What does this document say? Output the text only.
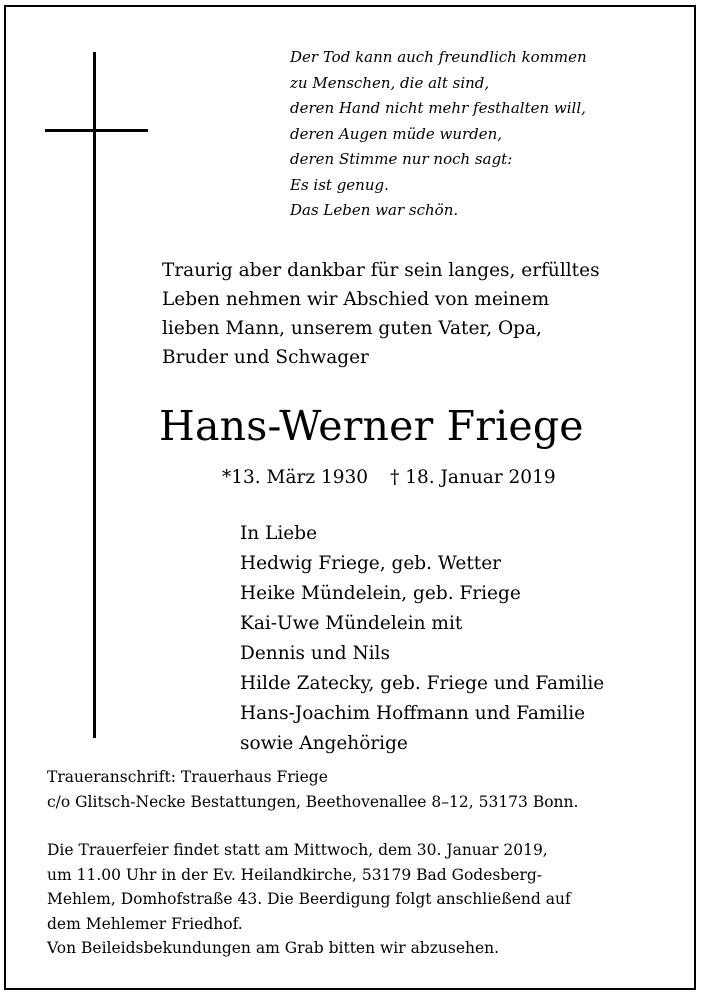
Der Tod kann auch freundlich kommen
zu Menschen, die alt sind,
deren Hand nicht mehr festhalten will,
deren Augen müde wurden,
deren Stimme nur noch sagt:
Es ist genug.
Das Leben war schön.
Traurig aber dankbar für sein langes, erfülltes
Leben nehmen wir Abschied von meinem
lieben Mann, unserem guten Vater, Opa,
Bruder und Schwager
Hans-Werner Friege
*13. März 1930 † 18. Januar 2019
In Liebe
Hedwig Friege, geb. Wetter
Heike Mündelein, geb. Friege
Kai-Uwe Mündelein mit
Dennis und Nils
Hilde Zatecky, geb. Friege und Familie
Hans-Joachim Hoffmann und Familie
sowie Angehörige
Traueranschrift: Trauerhaus Friege
c/o Glitsch-Necke Bestattungen, Beethovenallee 8–12, 53173 Bonn.
Die Trauerfeier findet statt am Mittwoch, dem 30. Januar 2019,
um 11.00 Uhr in der Ev. Heilandkirche, 53179 Bad Godesberg-
Mehlem, Domhofstraße 43. Die Beerdigung folgt anschließend auf
dem Mehlemer Friedhof.
Von Beileidsbekundungen am Grab bitten wir abzusehen.
